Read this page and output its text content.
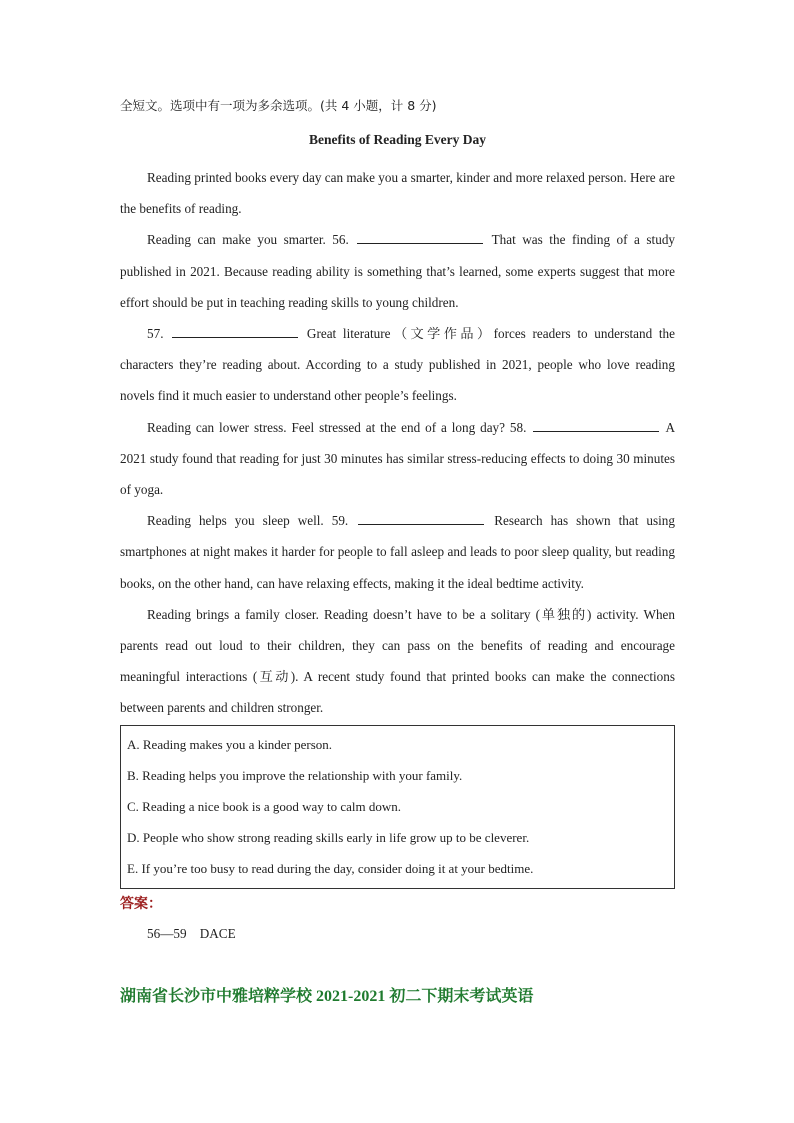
全短文。选项中有一项为多余选项。(共 4 小题，计 8 分)

Benefits of Reading Every Day

Reading printed books every day can make you a smarter, kinder and more relaxed person. Here are the benefits of reading.

Reading can make you smarter. 56.	That was the finding of a study published in 2021. Because reading ability is something that’s learned, some experts suggest that more effort should be put in teaching reading skills to young children.

57.	Great literature（文学作品）forces readers to understand the characters they’re reading about. According to a study published in 2021, people who love reading novels find it much easier to understand other people’s feelings.

Reading can lower stress. Feel stressed at the end of a long day? 58.	A 2021 study found that reading for just 30 minutes has similar stress-reducing effects to doing 30 minutes of yoga.

Reading helps you sleep well. 59.	Research has shown that using smartphones at night makes it harder for people to fall asleep and leads to poor sleep quality, but reading books, on the other hand, can have relaxing effects, making it the ideal bedtime activity.

Reading brings a family closer. Reading doesn’t have to be a solitary (单独的) activity. When parents read out loud to their children, they can pass on the benefits of reading and encourage meaningful interactions (互动). A recent study found that printed books can make the connections between parents and children stronger.

A. Reading makes you a kinder person.
B. Reading helps you improve the relationship with your family.
C. Reading a nice book is a good way to calm down.
D. People who show strong reading skills early in life grow up to be cleverer.
E. If you’re too busy to read during the day, consider doing it at your bedtime.
答案：
56—59    DACE
湖南省长沙市中雅培粹学校 2021-2021 初二下期末考试英语
